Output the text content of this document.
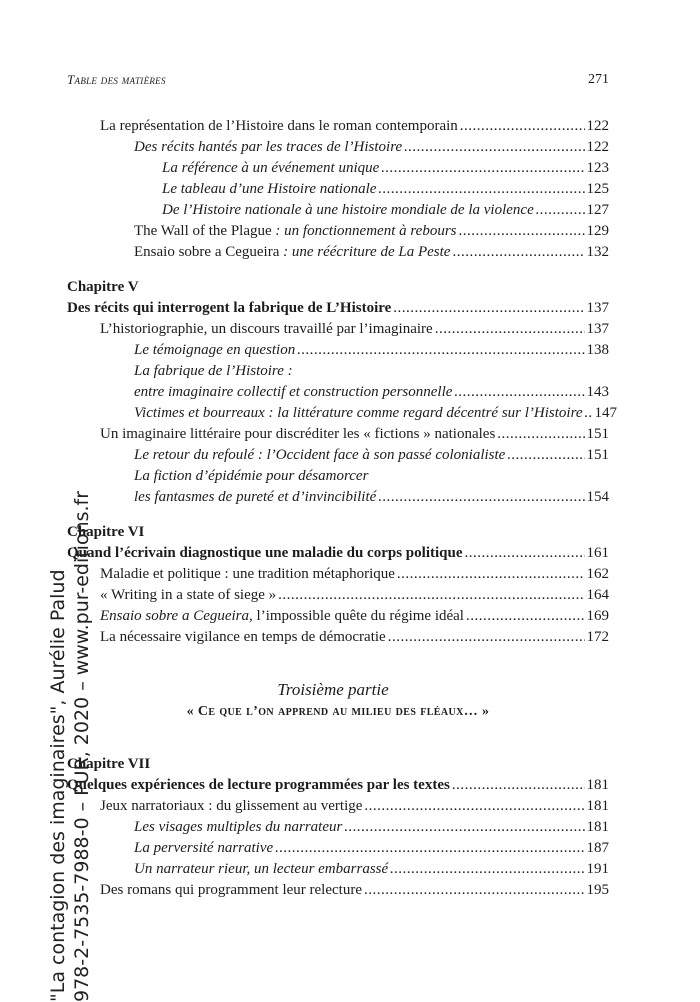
Table des matières	271
La représentation de l’Histoire dans le roman contemporain .....	122
Des récits hantés par les traces de l’Histoire .....	122
La référence à un événement unique .....	123
Le tableau d’une Histoire nationale .....	125
De l’Histoire nationale à une histoire mondiale de la violence .....	127
The Wall of the Plague : un fonctionnement à rebours .....	129
Ensaio sobre a Cegueira : une réécriture de La Peste .....	132
Chapitre V
Des récits qui interrogent la fabrique de L’Histoire .....	137
L’historiographie, un discours travaillé par l’imaginaire .....	137
Le témoignage en question .....	138
La fabrique de l’Histoire :
entre imaginaire collectif et construction personnelle .....	143
Victimes et bourreaux : la littérature comme regard décentré sur l’Histoire ..... 147
Un imaginaire littéraire pour discréditer les « fictions » nationales .....	151
Le retour du refoulé : l’Occident face à son passé colonialiste .....	151
La fiction d’épidémie pour désamorcer
les fantasmes de pureté et d’invincibilité .....	154
Chapitre VI
Quand l’écrivain diagnostique une maladie du corps politique .....	161
Maladie et politique : une tradition métaphorique .....	162
« Writing in a state of siege » .....	164
Ensaio sobre a Cegueira, l’impossible quête du régime idéal .....	169
La nécessaire vigilance en temps de démocratie .....	172
Troisième partie
« Ce que l’on apprend au milieu des fléaux… »
Chapitre VII
Quelques expériences de lecture programmées par les textes .....	181
Jeux narratoriaux : du glissement au vertige .....	181
Les visages multiples du narrateur .....	181
La perversité narrative .....	187
Un narrateur rieur, un lecteur embarrassé .....	191
Des romans qui programment leur relecture .....	195
"La contagion des imaginaires", Aurélie Palud 978-2-7535-7988-0 – PUR, 2020 – www.pur-editions.fr
